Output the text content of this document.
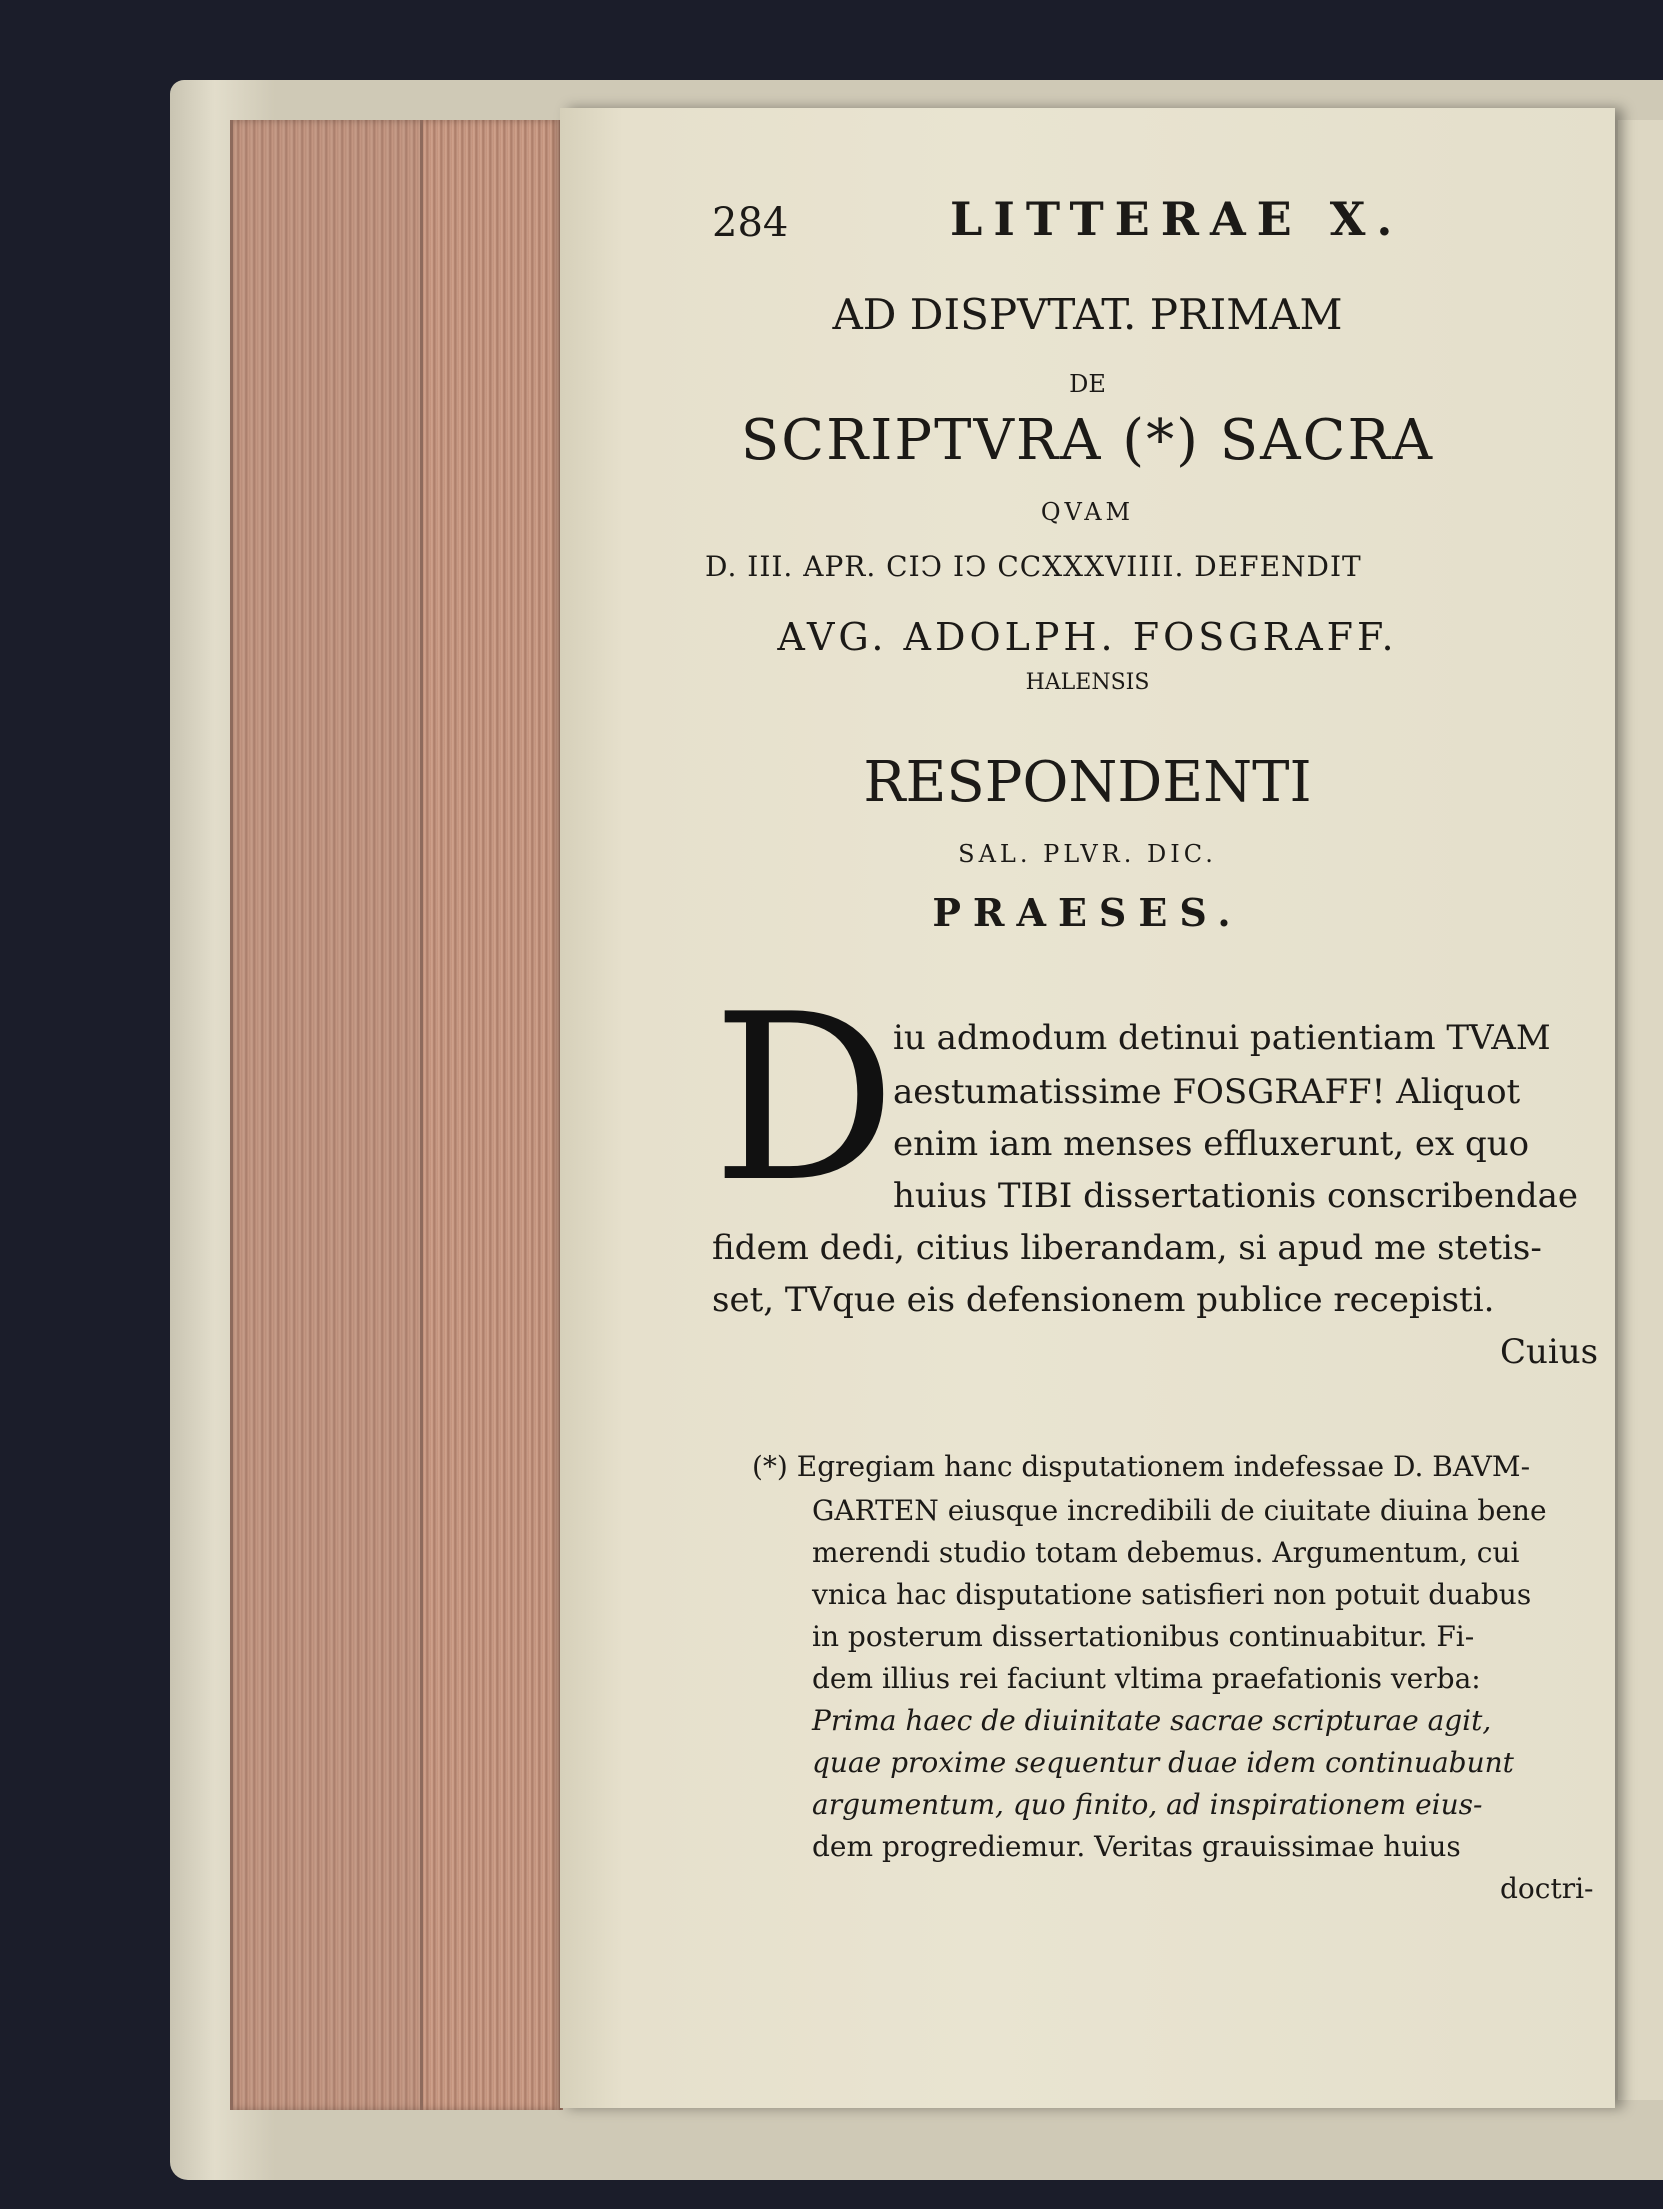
284	LITTERAE X.
AD DISPVTAT. PRIMAM
DE
SCRIPTVRA (*) SACRA
QVAM
D. III. APR. CIↃ IↃ CCXXXVIIII. DEFENDIT
AVG. ADOLPH. FOSGRAFF.
HALENSIS
RESPONDENTI
SAL. PLVR. DIC.
PRAESES.
D
iu admodum detinui patientiam TVAM
aestumatissime FOSGRAFF! Aliquot
enim iam menses effluxerunt, ex quo
huius TIBI dissertationis conscribendae
fidem dedi, citius liberandam, si apud me stetis-
set, TVque eis defensionem publice recepisti.
Cuius
(*) Egregiam hanc disputationem indefessae D. BAVM-
GARTEN eiusque incredibili de ciuitate diuina bene
merendi studio totam debemus. Argumentum, cui
vnica hac disputatione satisfieri non potuit duabus
in posterum dissertationibus continuabitur. Fi-
dem illius rei faciunt vltima praefationis verba:
Prima haec de diuinitate sacrae scripturae agit,
quae proxime sequentur duae idem continuabunt
argumentum, quo finito, ad inspirationem eius-
dem progrediemur. Veritas grauissimae huius
doctri-
